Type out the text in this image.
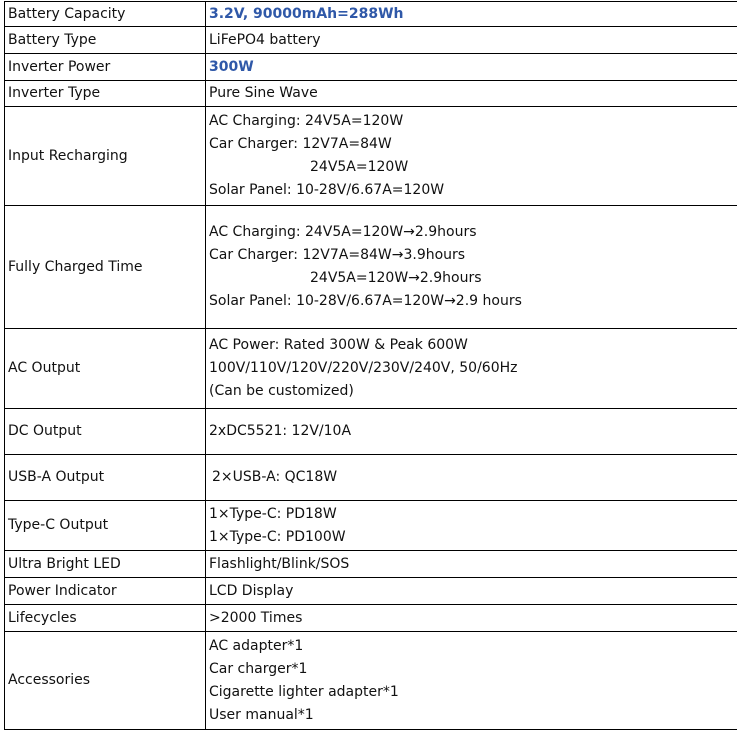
Battery Capacity	3.2V, 90000mAh=288Wh

Battery Type	LiFePO4 battery

Inverter Power	300W

Inverter Type	Pure Sine Wave

Input Recharging	AC Charging: 24V5A=120W
Car Charger: 12V7A=84W
24V5A=120W
Solar Panel: 10-28V/6.67A=120W

Fully Charged Time	AC Charging: 24V5A=120W→2.9hours
Car Charger: 12V7A=84W→3.9hours
24V5A=120W→2.9hours
Solar Panel: 10-28V/6.67A=120W→2.9 hours

AC Output	AC Power: Rated 300W & Peak 600W
100V/110V/120V/220V/230V/240V, 50/60Hz
(Can be customized)

DC Output	2xDC5521: 12V/10A

USB-A Output	2×USB-A: QC18W

Type-C Output	1×Type-C: PD18W
1×Type-C: PD100W

Ultra Bright LED	Flashlight/Blink/SOS

Power Indicator	LCD Display

Lifecycles	>2000 Times

Accessories	AC adapter*1
Car charger*1
Cigarette lighter adapter*1
User manual*1
